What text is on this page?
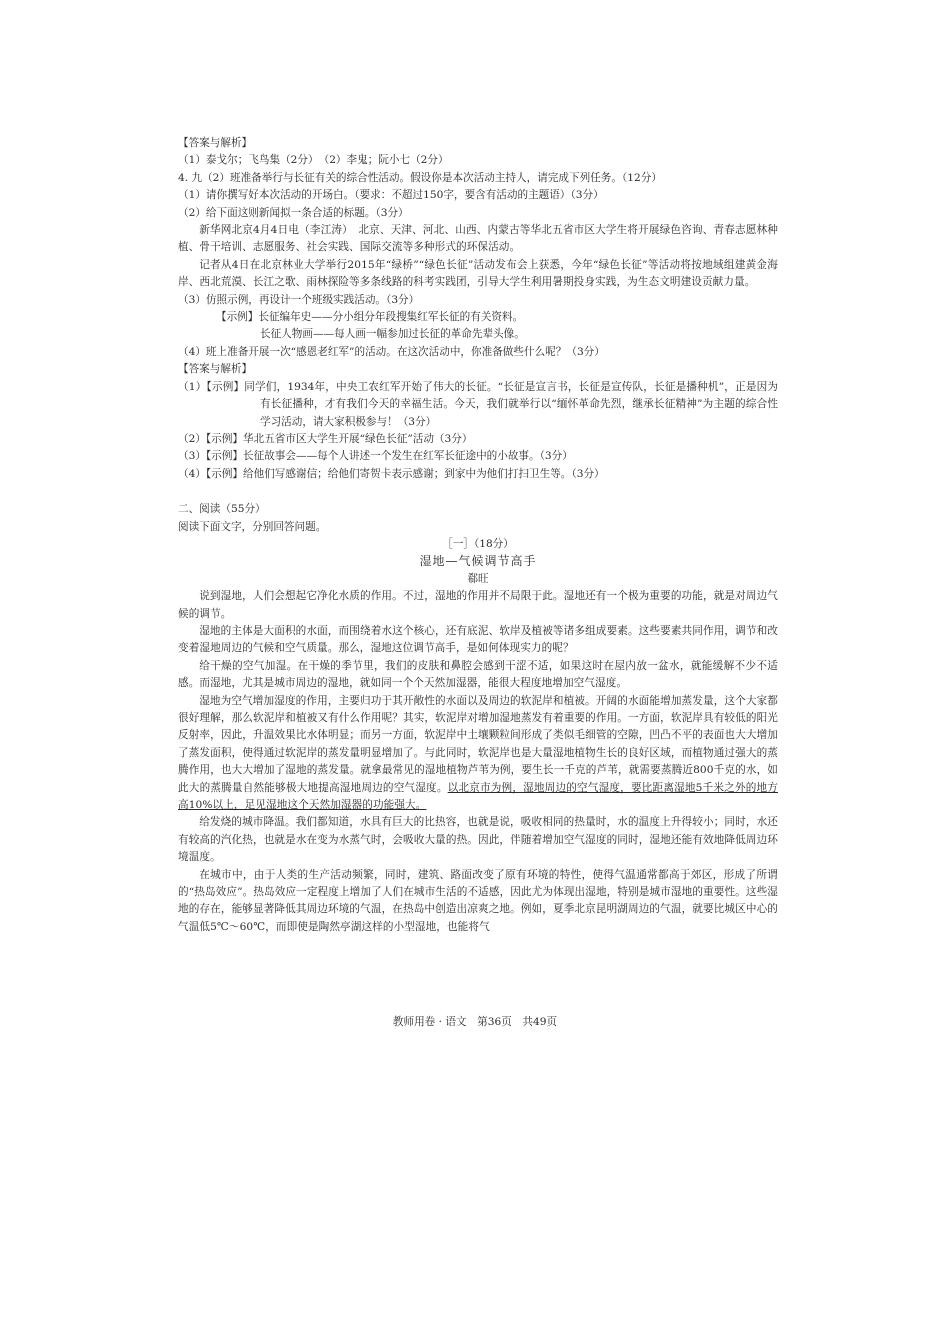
【答案与解析】

（1）泰戈尔；飞鸟集（2分）　（2）李鬼；阮小七（2分）

4. 九（2）班准备举行与长征有关的综合性活动。假设你是本次活动主持人，请完成下列任务。（12分）

（1）请你撰写好本次活动的开场白。（要求：不超过150字，要含有活动的主题语）（3分）

（2）给下面这则新闻拟一条合适的标题。（3分）

新华网北京4月4日电（李江涛）　北京、天津、河北、山西、内蒙古等华北五省市区大学生将开展绿色咨询、青春志愿林种植、骨干培训、志愿服务、社会实践、国际交流等多种形式的环保活动。

记者从4日在北京林业大学举行2015年“绿桥”“绿色长征”活动发布会上获悉，今年“绿色长征”等活动将按地域组建黄金海岸、西北荒漠、长江之歌、雨林探险等多条线路的科考实践团，引导大学生利用暑期投身实践，为生态文明建设贡献力量。

（3）仿照示例，再设计一个班级实践活动。（3分）

【示例】长征编年史——分小组分年段搜集红军长征的有关资料。

长征人物画——每人画一幅参加过长征的革命先辈头像。

（4）班上准备开展一次“感恩老红军”的活动。在这次活动中，你准备做些什么呢？（3分）

【答案与解析】

（1）【示例】同学们，1934年，中央工农红军开始了伟大的长征。“长征是宣言书，长征是宣传队，长征是播种机”，正是因为有长征播种，才有我们今天的幸福生活。今天，我们就举行以“缅怀革命先烈，继承长征精神”为主题的综合性学习活动，请大家积极参与！（3分）

（2）【示例】华北五省市区大学生开展“绿色长征”活动（3分）

（3）【示例】长征故事会——每个人讲述一个发生在红军长征途中的小故事。（3分）

（4）【示例】给他们写感谢信；给他们寄贺卡表示感谢；到家中为他们打扫卫生等。（3分）

二、阅读（55分）

阅读下面文字，分别回答问题。

［一］（18分）

湿地—气候调节高手

郗旺

说到湿地，人们会想起它净化水质的作用。不过，湿地的作用并不局限于此。湿地还有一个极为重要的功能，就是对周边气候的调节。

湿地的主体是大面积的水面，而围绕着水这个核心，还有底泥、软岸及植被等诸多组成要素。这些要素共同作用，调节和改变着湿地周边的气候和空气质量。那么，湿地这位调节高手，是如何体现实力的呢？

给干燥的空气加湿。在干燥的季节里，我们的皮肤和鼻腔会感到干涩不适，如果这时在屋内放一盆水，就能缓解不少不适感。而湿地，尤其是城市周边的湿地，就如同一个个天然加湿器，能很大程度地增加空气湿度。

湿地为空气增加湿度的作用，主要归功于其开敞性的水面以及周边的软泥岸和植被。开阔的水面能增加蒸发量，这个大家都很好理解，那么软泥岸和植被又有什么作用呢？其实，软泥岸对增加湿地蒸发有着重要的作用。一方面，软泥岸具有较低的阳光反射率，因此，升温效果比水体明显；而另一方面，软泥岸中土壤颗粒间形成了类似毛细管的空隙，凹凸不平的表面也大大增加了蒸发面积，使得通过软泥岸的蒸发量明显增加了。与此同时，软泥岸也是大量湿地植物生长的良好区域，而植物通过强大的蒸腾作用，也大大增加了湿地的蒸发量。就拿最常见的湿地植物芦苇为例，要生长一千克的芦苇，就需要蒸腾近800千克的水，如此大的蒸腾量自然能够极大地提高湿地周边的空气湿度。以北京市为例，湿地周边的空气湿度，要比距离湿地5千米之外的地方高10%以上，足见湿地这个天然加湿器的功能强大。

给发烧的城市降温。我们都知道，水具有巨大的比热容，也就是说，吸收相同的热量时，水的温度上升得较小；同时，水还有较高的汽化热，也就是水在变为水蒸气时，会吸收大量的热。因此，伴随着增加空气湿度的同时，湿地还能有效地降低周边环境温度。

在城市中，由于人类的生产活动频繁，同时，建筑、路面改变了原有环境的特性，使得气温通常都高于郊区，形成了所谓的“热岛效应”。热岛效应一定程度上增加了人们在城市生活的不适感，因此尤为体现出湿地，特别是城市湿地的重要性。这些湿地的存在，能够显著降低其周边环境的气温，在热岛中创造出凉爽之地。例如，夏季北京昆明湖周边的气温，就要比城区中心的气温低5℃～60℃，而即使是陶然亭湖这样的小型湿地，也能将气

教师用卷 · 语文　第36页　共49页
